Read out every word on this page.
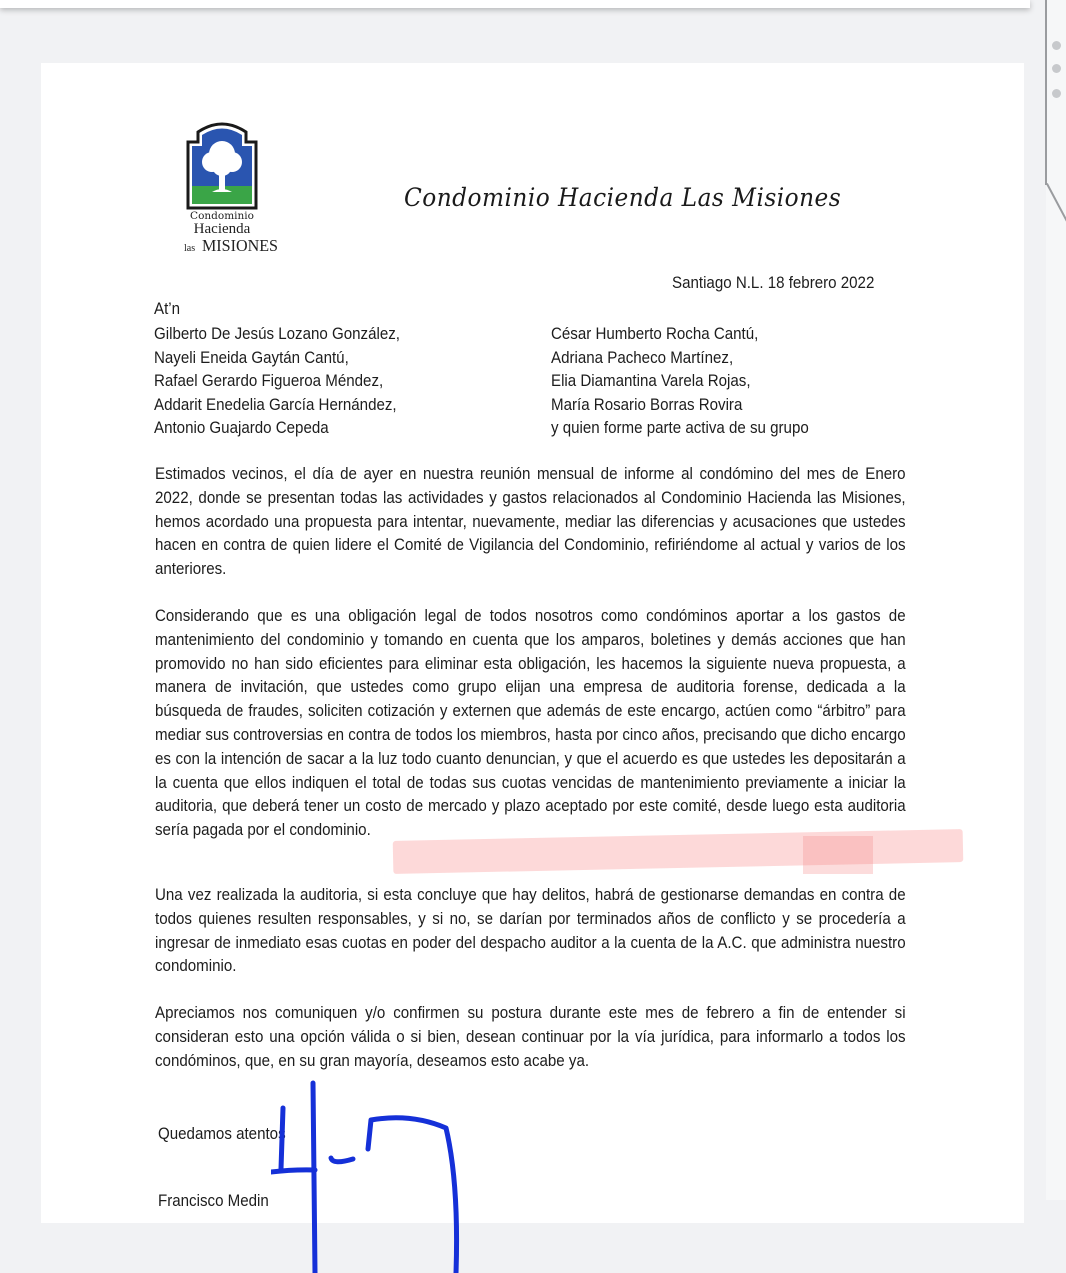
Condominio
Hacienda
las MISIONES
Condominio Hacienda Las Misiones
Santiago N.L. 18 febrero 2022
At’n
Gilberto De Jesús Lozano González,
Nayeli Eneida Gaytán Cantú,
Rafael Gerardo Figueroa Méndez,
Addarit Enedelia García Hernández,
Antonio Guajardo Cepeda
César Humberto Rocha Cantú,
Adriana Pacheco Martínez,
Elia Diamantina Varela Rojas,
María Rosario Borras Rovira
y quien forme parte activa de su grupo
Estimados vecinos, el día de ayer en nuestra reunión mensual de informe al condómino del mes de Enero 2022, donde se presentan todas las actividades y gastos relacionados al Condominio Hacienda las Misiones, hemos acordado una propuesta para intentar, nuevamente, mediar las diferencias y acusaciones que ustedes hacen en contra de quien lidere el Comité de Vigilancia del Condominio, refiriéndome al actual y varios de los anteriores.
Considerando que es una obligación legal de todos nosotros como condóminos aportar a los gastos de mantenimiento del condominio y tomando en cuenta que los amparos, boletines y demás acciones que han promovido no han sido eficientes para eliminar esta obligación, les hacemos la siguiente nueva propuesta, a manera de invitación, que ustedes como grupo elijan una empresa de auditoria forense, dedicada a la búsqueda de fraudes, soliciten cotización y externen que además de este encargo, actúen como “árbitro” para mediar sus controversias en contra de todos los miembros, hasta por cinco años, precisando que dicho encargo es con la intención de sacar a la luz todo cuanto denuncian, y que el acuerdo es que ustedes les depositarán a la cuenta que ellos indiquen el total de todas sus cuotas vencidas de mantenimiento previamente a iniciar la auditoria, que deberá tener un costo de mercado y plazo aceptado por este comité, desde luego esta auditoria sería pagada por el condominio.
Una vez realizada la auditoria, si esta concluye que hay delitos, habrá de gestionarse demandas en contra de todos quienes resulten responsables, y si no, se darían por terminados años de conflicto y se procedería a ingresar de inmediato esas cuotas en poder del despacho auditor a la cuenta de la A.C. que administra nuestro condominio.
Apreciamos nos comuniquen y/o confirmen su postura durante este mes de febrero a fin de entender si consideran esto una opción válida o si bien, desean continuar por la vía jurídica, para informarlo a todos los condóminos, que, en su gran mayoría, deseamos esto acabe ya.
Quedamos atentos
Francisco Medin
